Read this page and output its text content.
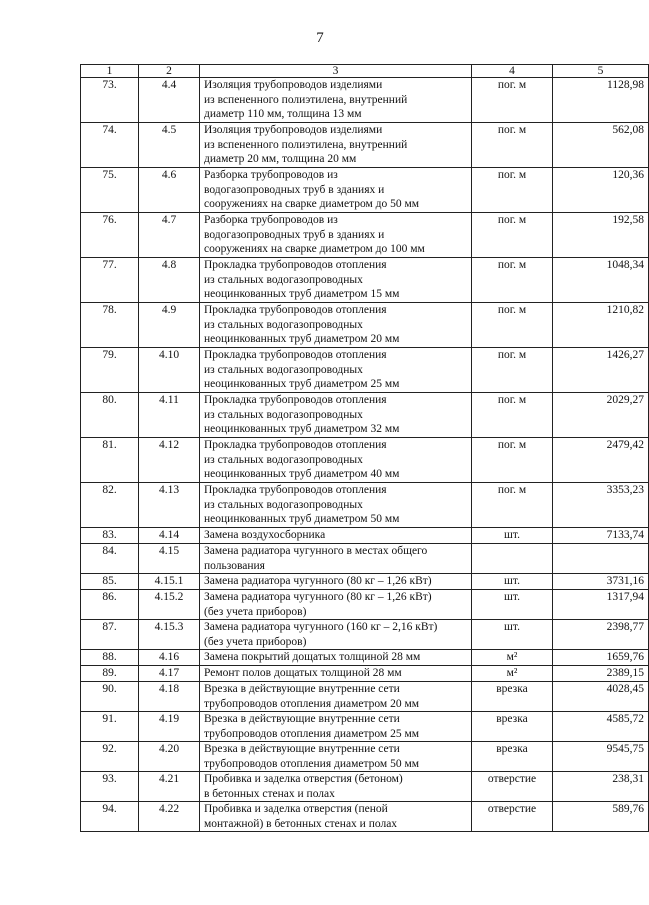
7
1	2	3	4	5
73.	4.4	Изоляция трубопроводов изделиями
из вспененного полиэтилена, внутренний
диаметр 110 мм, толщина 13 мм	пог. м	1128,98
74.	4.5	Изоляция трубопроводов изделиями
из вспененного полиэтилена, внутренний
диаметр 20 мм, толщина 20 мм	пог. м	562,08
75.	4.6	Разборка трубопроводов из
водогазопроводных труб в зданиях и
сооружениях на сварке диаметром до 50 мм	пог. м	120,36
76.	4.7	Разборка трубопроводов из
водогазопроводных труб в зданиях и
сооружениях на сварке диаметром до 100 мм	пог. м	192,58
77.	4.8	Прокладка трубопроводов отопления
из стальных водогазопроводных
неоцинкованных труб диаметром 15 мм	пог. м	1048,34
78.	4.9	Прокладка трубопроводов отопления
из стальных водогазопроводных
неоцинкованных труб диаметром 20 мм	пог. м	1210,82
79.	4.10	Прокладка трубопроводов отопления
из стальных водогазопроводных
неоцинкованных труб диаметром 25 мм	пог. м	1426,27
80.	4.11	Прокладка трубопроводов отопления
из стальных водогазопроводных
неоцинкованных труб диаметром 32 мм	пог. м	2029,27
81.	4.12	Прокладка трубопроводов отопления
из стальных водогазопроводных
неоцинкованных труб диаметром 40 мм	пог. м	2479,42
82.	4.13	Прокладка трубопроводов отопления
из стальных водогазопроводных
неоцинкованных труб диаметром 50 мм	пог. м	3353,23
83.	4.14	Замена воздухосборника	шт.	7133,74
84.	4.15	Замена радиатора чугунного в местах общего
пользования		
85.	4.15.1	Замена радиатора чугунного (80 кг – 1,26 кВт)	шт.	3731,16
86.	4.15.2	Замена радиатора чугунного (80 кг – 1,26 кВт)
(без учета приборов)	шт.	1317,94
87.	4.15.3	Замена радиатора чугунного (160 кг – 2,16 кВт)
(без учета приборов)	шт.	2398,77
88.	4.16	Замена покрытий дощатых толщиной 28 мм	м²	1659,76
89.	4.17	Ремонт полов дощатых толщиной 28 мм	м²	2389,15
90.	4.18	Врезка в действующие внутренние сети
трубопроводов отопления диаметром 20 мм	врезка	4028,45
91.	4.19	Врезка в действующие внутренние сети
трубопроводов отопления диаметром 25 мм	врезка	4585,72
92.	4.20	Врезка в действующие внутренние сети
трубопроводов отопления диаметром 50 мм	врезка	9545,75
93.	4.21	Пробивка и заделка отверстия (бетоном)
в бетонных стенах и полах	отверстие	238,31
94.	4.22	Пробивка и заделка отверстия (пеной
монтажной) в бетонных стенах и полах	отверстие	589,76
